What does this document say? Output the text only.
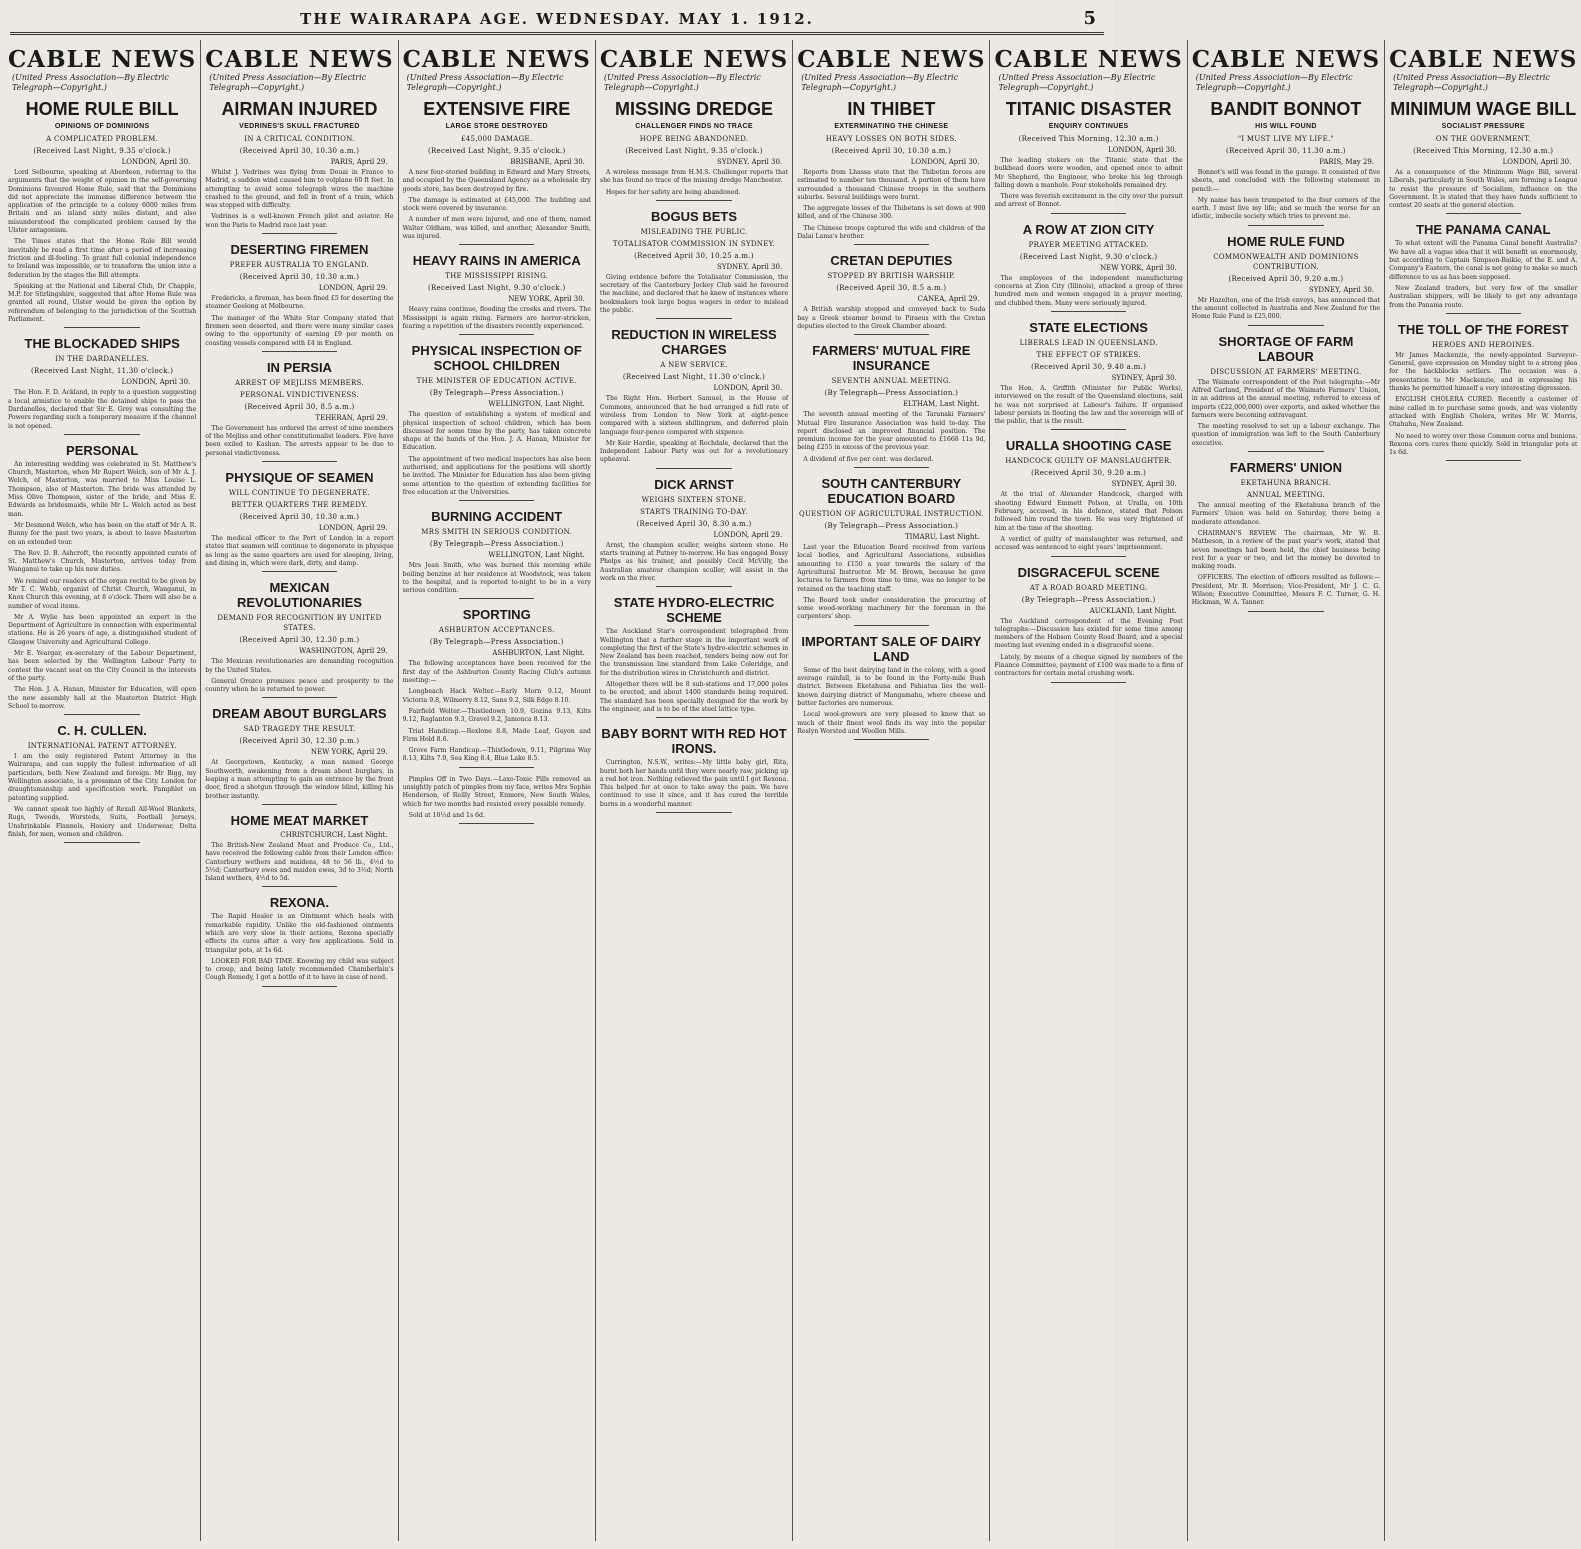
THE WAIRARAPA AGE. WEDNESDAY. MAY 1. 1912.	5
CABLE NEWS
(United Press Association—By Electric Telegraph—Copyright.)
HOME RULE BILL
OPINIONS OF DOMINIONS
A COMPLICATED PROBLEM.
(Received Last Night, 9.35 o'clock.)
LONDON, April 30.

Lord Selbourne, speaking at Aberdeen, referring to the arguments that the weight of opinion in the self-governing Dominions favoured Home Rule, said that the Dominions did not appreciate the immense difference between the application of the principle to a colony 6000 miles from Britain and an island sixty miles distant, and also misunderstood the complicated problem caused by the Ulster antagonism.

The Times states that the Home Rule Bill would inevitably be read a first time after a period of increasing friction and ill-feeling. To grant full colonial independence to Ireland was impossible, or to transform the union into a federation by the stages the Bill attempts.

Speaking at the National and Liberal Club, Dr Chapple, M.P. for Stirlingshire, suggested that after Home Rule was granted all round, Ulster would be given the option by referendum of belonging to the jurisdiction of the Scottish Parliament.

THE BLOCKADED SHIPS
IN THE DARDANELLES.
(Received Last Night, 11.30 o'clock.)
LONDON, April 30.

The Hon. F. D. Ackland, in reply to a question suggesting a local armistice to enable the detained ships to pass the Dardanelles, declared that Sir E. Grey was consulting the Powers regarding such a temporary measure if the channel is not opened.

PERSONAL

An interesting wedding was celebrated in St. Matthew's Church, Masterton, when Mr Rupert Welch, son of Mr A. J. Welch, of Masterton, was married to Miss Louise L. Thompson, also of Masterton. The bride was attended by Miss Olive Thompson, sister of the bride, and Miss E. Edwards as bridesmaids, while Mr L. Welch acted as best man.

Mr Desmond Welch, who has been on the staff of Mr A. R. Bunny for the past two years, is about to leave Masterton on an extended tour.

The Rev. D. B. Ashcroft, the recently appointed curate of St. Matthew's Church, Masterton, arrives today from Wanganui to take up his new duties.

We remind our readers of the organ recital to be given by Mr T. C. Webb, organist of Christ Church, Wanganui, in Knox Church this evening, at 8 o'clock. There will also be a number of vocal items.

Mr A. Wylie has been appointed an expert in the Department of Agriculture in connection with experimental stations. He is 26 years of age, a distinguished student of Glasgow University and Agricultural College.

Mr E. Yeargar, ex-secretary of the Labour Department, has been selected by the Wellington Labour Party to contest the vacant seat on the City Council in the interests of the party.

The Hon. J. A. Hanan, Minister for Education, will open the new assembly hall at the Masterton District High School to-morrow.

C. H. CULLEN.
INTERNATIONAL PATENT ATTORNEY.

I am the only registered Patent Attorney in the Wairarapa, and can supply the fullest information of all particulars, both New Zealand and foreign. Mr Bigg, my Wellington associate, is a pressman of the City. London for draughtsmanship and specification work. Pamphlet on patenting supplied.

We cannot speak too highly of Rexall All-Wool Blankets, Rugs, Tweeds, Worsteds, Suits, Football Jerseys, Unshrinkable Flannels, Hosiery and Underwear, Delta finish, for men, women and children.

CABLE NEWS
(United Press Association—By Electric Telegraph—Copyright.)
AIRMAN INJURED
VEDRINES'S SKULL FRACTURED
IN A CRITICAL CONDITION.
(Received April 30, 10.30 a.m.)
PARIS, April 29.

Whilst J. Vedrines was flying from Douai in France to Madrid, a sudden wind caused him to volplane 60 ft feet. In attempting to avoid some telegraph wires the machine crashed to the ground, and fell in front of a train, which was stopped with difficulty.

Vedrines is a well-known French pilot and aviator. He won the Paris to Madrid race last year.

DESERTING FIREMEN
PREFER AUSTRALIA TO ENGLAND.
(Received April 30, 10.30 a.m.)
LONDON, April 29.

Fredericks, a fireman, has been fined £5 for deserting the steamer Geelong at Melbourne.

The manager of the White Star Company stated that firemen seen deserted, and there were many similar cases owing to the opportunity of earning £9 per month on coasting vessels compared with £4 in England.

IN PERSIA
ARREST OF MEJLISS MEMBERS.
PERSONAL VINDICTIVENESS.
(Received April 30, 8.5 a.m.)
TEHERAN, April 29.

The Government has ordered the arrest of nine members of the Mejliss and other constitutionalist leaders. Five have been exiled to Kashan. The arrests appear to be due to personal vindictiveness.

PHYSIQUE OF SEAMEN
WILL CONTINUE TO DEGENERATE.
BETTER QUARTERS THE REMEDY.
(Received April 30, 10.30 a.m.)
LONDON, April 29.

The medical officer to the Port of London in a report states that seamen will continue to degenerate in physique as long as the same quarters are used for sleeping, living, and dining in, which were dark, dirty, and damp.

MEXICAN REVOLUTIONARIES
DEMAND FOR RECOGNITION BY UNITED STATES.
(Received April 30, 12.30 p.m.)
WASHINGTON, April 29.

The Mexican revolutionaries are demanding recognition by the United States.

General Orozco promises peace and prosperity to the country when he is returned to power.

DREAM ABOUT BURGLARS
SAD TRAGEDY THE RESULT.
(Received April 30, 12.30 p.m.)
NEW YORK, April 29.

At Georgetown, Kentucky, a man named George Southworth, awakening from a dream about burglars, in leaping a man attempting to gain an entrance by the front door, fired a shotgun through the window blind, killing his brother instantly.

HOME MEAT MARKET
CHRISTCHURCH, Last Night.

The British-New Zealand Meat and Produce Co., Ltd., have received the following cable from their London office: Canterbury wethers and maidens, 48 to 56 lb., 4½d to 5½d; Canterbury ewes and maiden ewes, 3d to 3½d; North Island wethers, 4½d to 5d.

REXONA.

The Rapid Healer is an Ointment which heals with remarkable rapidity. Unlike the old-fashioned ointments which are very slow in their actions, Rexona specially effects its cures after a very few applications. Sold in triangular pots, at 1s 6d.

LOOKED FOR BAD TIME. Knowing my child was subject to croup, and being lately recommended Chamberlain's Cough Remedy, I got a bottle of it to have in case of need.

CABLE NEWS
(United Press Association—By Electric Telegraph—Copyright.)
EXTENSIVE FIRE
LARGE STORE DESTROYED
£45,000 DAMAGE.
(Received Last Night, 9.35 o'clock.)
BRISBANE, April 30.

A new four-storied building in Edward and Mary Streets, and occupied by the Queensland Agency as a wholesale dry goods store, has been destroyed by fire.

The damage is estimated at £45,000. The building and stock were covered by insurance.

A number of men were injured, and one of them, named Walter Oldham, was killed, and another, Alexander Smith, was injured.

HEAVY RAINS IN AMERICA
THE MISSISSIPPI RISING.
(Received Last Night, 9.30 o'clock.)
NEW YORK, April 30.

Heavy rains continue, flooding the creeks and rivers. The Mississippi is again rising. Farmers are horror-stricken, fearing a repetition of the disasters recently experienced.

PHYSICAL INSPECTION OF SCHOOL CHILDREN
THE MINISTER OF EDUCATION ACTIVE.
(By Telegraph—Press Association.)
WELLINGTON, Last Night.

The question of establishing a system of medical and physical inspection of school children, which has been discussed for some time by the party, has taken concrete shape at the hands of the Hon. J. A. Hanan, Minister for Education.

The appointment of two medical inspectors has also been authorised, and applications for the positions will shortly be invited. The Minister for Education has also been giving some attention to the question of extending facilities for free education at the Universities.

BURNING ACCIDENT
MRS SMITH IN SERIOUS CONDITION.
(By Telegraph—Press Association.)
WELLINGTON, Last Night.

Mrs Jean Smith, who was burned this morning while boiling benzine at her residence at Woodstock, was taken to the hospital, and is reported to-night to be in a very serious condition.

SPORTING
ASHBURTON ACCEPTANCES.
(By Telegraph—Press Association.)
ASHBURTON, Last Night.

The following acceptances have been received for the first day of the Ashburton County Racing Club's autumn meeting:—

Longbeach Hack Welter.—Early Morn 9.12, Mount Victoria 9.8, Wilmerry 8.12, Sans 9.2, Silk Edge 8.10.

Fairfield Welter.—Thistledown 10.9, Gozina 9.13, Kilts 9.12, Raglanton 9.3, Gravel 9.2, Jamonca 8.13.

Triat Handicap.—Rexlone 8.8, Made Leaf, Guyon and Firm Hold 8.6.

Grove Farm Handicap.—Thistledown, 9.11, Pilgrims Way 8.13, Kilts 7.9, Sea King 8.4, Blue Lake 8.5.

Pimples Off in Two Days.—Laxo-Tonic Pills removed an unsightly patch of pimples from my face, writes Mrs Sophie Henderson, of Reilly Street, Enmore, New South Wales, which for two months had resisted every possible remedy.

Sold at 10½d and 1s 6d.

CABLE NEWS
(United Press Association—By Electric Telegraph—Copyright.)
MISSING DREDGE
CHALLENGER FINDS NO TRACE
HOPE BEING ABANDONED.
(Received Last Night, 9.35 o'clock.)
SYDNEY, April 30.

A wireless message from H.M.S. Challenger reports that she has found no trace of the missing dredge Manchester.

Hopes for her safety are being abandoned.

BOGUS BETS
MISLEADING THE PUBLIC.
TOTALISATOR COMMISSION IN SYDNEY.
(Received April 30, 10.25 a.m.)
SYDNEY, April 30.

Giving evidence before the Totalisator Commission, the secretary of the Canterbury Jockey Club said he favoured the machine, and declared that he knew of instances where bookmakers took large bogus wagers in order to mislead the public.

REDUCTION IN WIRELESS CHARGES
A NEW SERVICE.
(Received Last Night, 11.30 o'clock.)
LONDON, April 30.

The Right Hon. Herbert Samuel, in the House of Commons, announced that he had arranged a full rate of wireless from London to New York at eight-pence compared with a sixteen shillingram, and deferred plain language four-pence compared with sixpence.

Mr Keir Hardie, speaking at Rochdale, declared that the Independent Labour Party was out for a revolutionary upheaval.

DICK ARNST
WEIGHS SIXTEEN STONE.
STARTS TRAINING TO-DAY.
(Received April 30, 8.30 a.m.)
LONDON, April 29.

Arnst, the champion sculler, weighs sixteen stone. He starts training at Putney to-morrow. He has engaged Bossy Phelps as his trainer, and possibly Cecil McVilly, the Australian amateur champion sculler, will assist in the work on the river.

STATE HYDRO-ELECTRIC SCHEME

The Auckland Star's correspondent telegraphed from Wellington that a further stage in the important work of completing the first of the State's hydro-electric schemes in New Zealand has been reached, tenders being now out for the transmission line standard from Lake Coleridge, and for the distribution wires in Christchurch and district.

Altogether there will be 8 sub-stations and 17,000 poles to be erected, and about 1400 standards being required. The standard has been specially designed for the work by the engineer, and is to be of the steel lattice type.

BABY BORNT WITH RED HOT IRONS.

Currington, N.S.W., writes:—My little baby girl, Rita, burnt both her hands until they were nearly raw, picking up a red hot iron. Nothing relieved the pain until I got Rexona. This helped for at once to take away the pain. We have continued to use it since, and it has cured the terrible burns in a wonderful manner.

CABLE NEWS
(United Press Association—By Electric Telegraph—Copyright.)
IN THIBET
EXTERMINATING THE CHINESE
HEAVY LOSSES ON BOTH SIDES.
(Received April 30, 10.30 a.m.)
LONDON, April 30.

Reports from Lhassa state that the Thibetan forces are estimated to number ten thousand. A portion of them have surrounded a thousand Chinese troops in the southern suburbs. Several buildings were burnt.

The aggregate losses of the Thibetans is set down at 900 killed, and of the Chinese 300.

The Chinese troops captured the wife and children of the Dalai Lama's brother.

CRETAN DEPUTIES
STOPPED BY BRITISH WARSHIP.
(Received April 30, 8.5 a.m.)
CANEA, April 29.

A British warship stopped and conveyed back to Suda bay a Greek steamer bound to Piraeus with the Cretan deputies elected to the Greek Chamber aboard.

FARMERS' MUTUAL FIRE INSURANCE
SEVENTH ANNUAL MEETING.
(By Telegraph—Press Association.)
ELTHAM, Last Night.

The seventh annual meeting of the Taranaki Farmers' Mutual Fire Insurance Association was held to-day. The report disclosed an improved financial position. The premium income for the year amounted to £1668 11s 9d, being £255 in excess of the previous year.

A dividend of five per cent. was declared.

SOUTH CANTERBURY EDUCATION BOARD
QUESTION OF AGRICULTURAL INSTRUCTION.
(By Telegraph—Press Association.)
TIMARU, Last Night.

Last year the Education Board received from various local bodies, and Agricultural Associations, subsidies amounting to £150 a year towards the salary of the Agricultural Instructor. Mr M. Brown, because he gave lectures to farmers from time to time, was no longer to be retained on the teaching staff.

The Board took under consideration the procuring of some wood-working machinery for the foreman in the carpenters' shop.

IMPORTANT SALE OF DAIRY LAND

Some of the best dairying land in the colony, with a good average rainfall, is to be found in the Forty-mile Bush district. Between Eketahuna and Pahiatua lies the well-known dairying district of Mangamahu, where cheese and butter factories are numerous.

Local wool-growers are very pleased to know that so much of their finest wool finds its way into the popular Roslyn Worsted and Woollen Mills.

CABLE NEWS
(United Press Association—By Electric Telegraph—Copyright.)
TITANIC DISASTER
ENQUIRY CONTINUES
(Received This Morning, 12.30 a.m.)
LONDON, April 30.

The leading stokers on the Titanic state that the bulkhead doors were wooden, and opened once to admit Mr Shepherd, the Engineer, who broke his leg through falling down a manhole. Four stokeholds remained dry.

There was feverish excitement in the city over the pursuit and arrest of Bonnot.

A ROW AT ZION CITY
PRAYER MEETING ATTACKED.
(Received Last Night, 9.30 o'clock.)
NEW YORK, April 30.

The employees of the independent manufacturing concerns at Zion City (Illinois), attacked a group of three hundred men and women engaged in a prayer meeting, and clubbed them. Many were seriously injured.

STATE ELECTIONS
LIBERALS LEAD IN QUEENSLAND.
THE EFFECT OF STRIKES.
(Received April 30, 9.40 a.m.)
SYDNEY, April 30.

The Hon. A. Griffith (Minister for Public Works), interviewed on the result of the Queensland elections, said he was not surprised at Labour's failure. If organised labour persists in flouting the law and the sovereign will of the public, that is the result.

URALLA SHOOTING CASE
HANDCOCK GUILTY OF MANSLAUGHTER.
(Received April 30, 9.20 a.m.)
SYDNEY, April 30.

At the trial of Alexander Handcock, charged with shooting Edward Emmett Polson, at Uralla, on 10th February, accused, in his defence, stated that Polson followed him round the town. He was very frightened of him at the time of the shooting.

A verdict of guilty of manslaughter was returned, and accused was sentenced to eight years' imprisonment.

DISGRACEFUL SCENE
AT A ROAD BOARD MEETING.
(By Telegraph—Press Association.)
AUCKLAND, Last Night.

The Auckland correspondent of the Evening Post telegraphs:—Discussion has existed for some time among members of the Hobson County Road Board, and a special meeting last evening ended in a disgraceful scene.

Lately, by means of a cheque signed by members of the Finance Committee, payment of £100 was made to a firm of contractors for certain metal crushing work.

CABLE NEWS
(United Press Association—By Electric Telegraph—Copyright.)
BANDIT BONNOT
HIS WILL FOUND
"I MUST LIVE MY LIFE."
(Received April 30, 11.30 a.m.)
PARIS, May 29.

Bonnot's will was found in the garage. It consisted of five sheets, and concluded with the following statement in pencil:—

My name has been trumpeted to the four corners of the earth. I must live my life; and so much the worse for an idiotic, imbecile society which tries to prevent me.

HOME RULE FUND
COMMONWEALTH AND DOMINIONS CONTRIBUTION.
(Received April 30, 9.20 a.m.)
SYDNEY, April 30.

Mr Hazelton, one of the Irish envoys, has announced that the amount collected in Australia and New Zealand for the Home Rule Fund is £25,000.

SHORTAGE OF FARM LABOUR
DISCUSSION AT FARMERS' MEETING.

The Waimate correspondent of the Post telegraphs:—Mr Alfred Garland, President of the Waimate Farmers' Union, in an address at the annual meeting, referred to excess of imports (£22,000,000) over exports, and asked whether the farmers were becoming extravagant.

The meeting resolved to set up a labour exchange. The question of immigration was left to the South Canterbury executive.

FARMERS' UNION
EKETAHUNA BRANCH.
ANNUAL MEETING.

The annual meeting of the Eketahuna branch of the Farmers' Union was held on Saturday, there being a moderate attendance.

CHAIRMAN'S REVIEW. The chairman, Mr W. B. Matheson, in a review of the past year's work, stated that seven meetings had been held, the chief business being rest for a year or two, and let the money be devoted to making roads.

OFFICERS. The election of officers resulted as follows:—President, Mr B. Morrison; Vice-President, Mr J. C. G. Wilson; Executive Committee, Messrs F. C. Turner, G. H. Hickman, W. A. Tanner.

CABLE NEWS
(United Press Association—By Electric Telegraph—Copyright.)
MINIMUM WAGE BILL
SOCIALIST PRESSURE
ON THE GOVERNMENT.
(Received This Morning, 12.30 a.m.)
LONDON, April 30.

As a consequence of the Minimum Wage Bill, several Liberals, particularly in South Wales, are forming a League to resist the pressure of Socialism, influence on the Government. It is stated that they have funds sufficient to contest 20 seats at the general election.

THE PANAMA CANAL

To what extent will the Panama Canal benefit Australia? We have all a vague idea that it will benefit us enormously, but according to Captain Simpson-Baikie, of the E. and A. Company's Eastern, the canal is not going to make so much difference to us as has been supposed.

New Zealand traders, but very few of the smaller Australian shippers, will be likely to get any advantage from the Panama route.

THE TOLL OF THE FOREST
HEROES AND HEROINES.

Mr James Mackenzie, the newly-appointed Surveyor-General, gave expression on Monday night to a strong plea for the backblocks settlers. The occasion was a presentation to Mr Mackenzie, and in expressing his thanks he permitted himself a very interesting digression.

ENGLISH CHOLERA CURED. Recently a customer of mine called in to purchase some goods, and was violently attacked with English Cholera, writes Mr W. Morris, Otahuhu, New Zealand.

No need to worry over those Common corns and bunions. Rexona corn cures them quickly. Sold in triangular pots at 1s 6d.
